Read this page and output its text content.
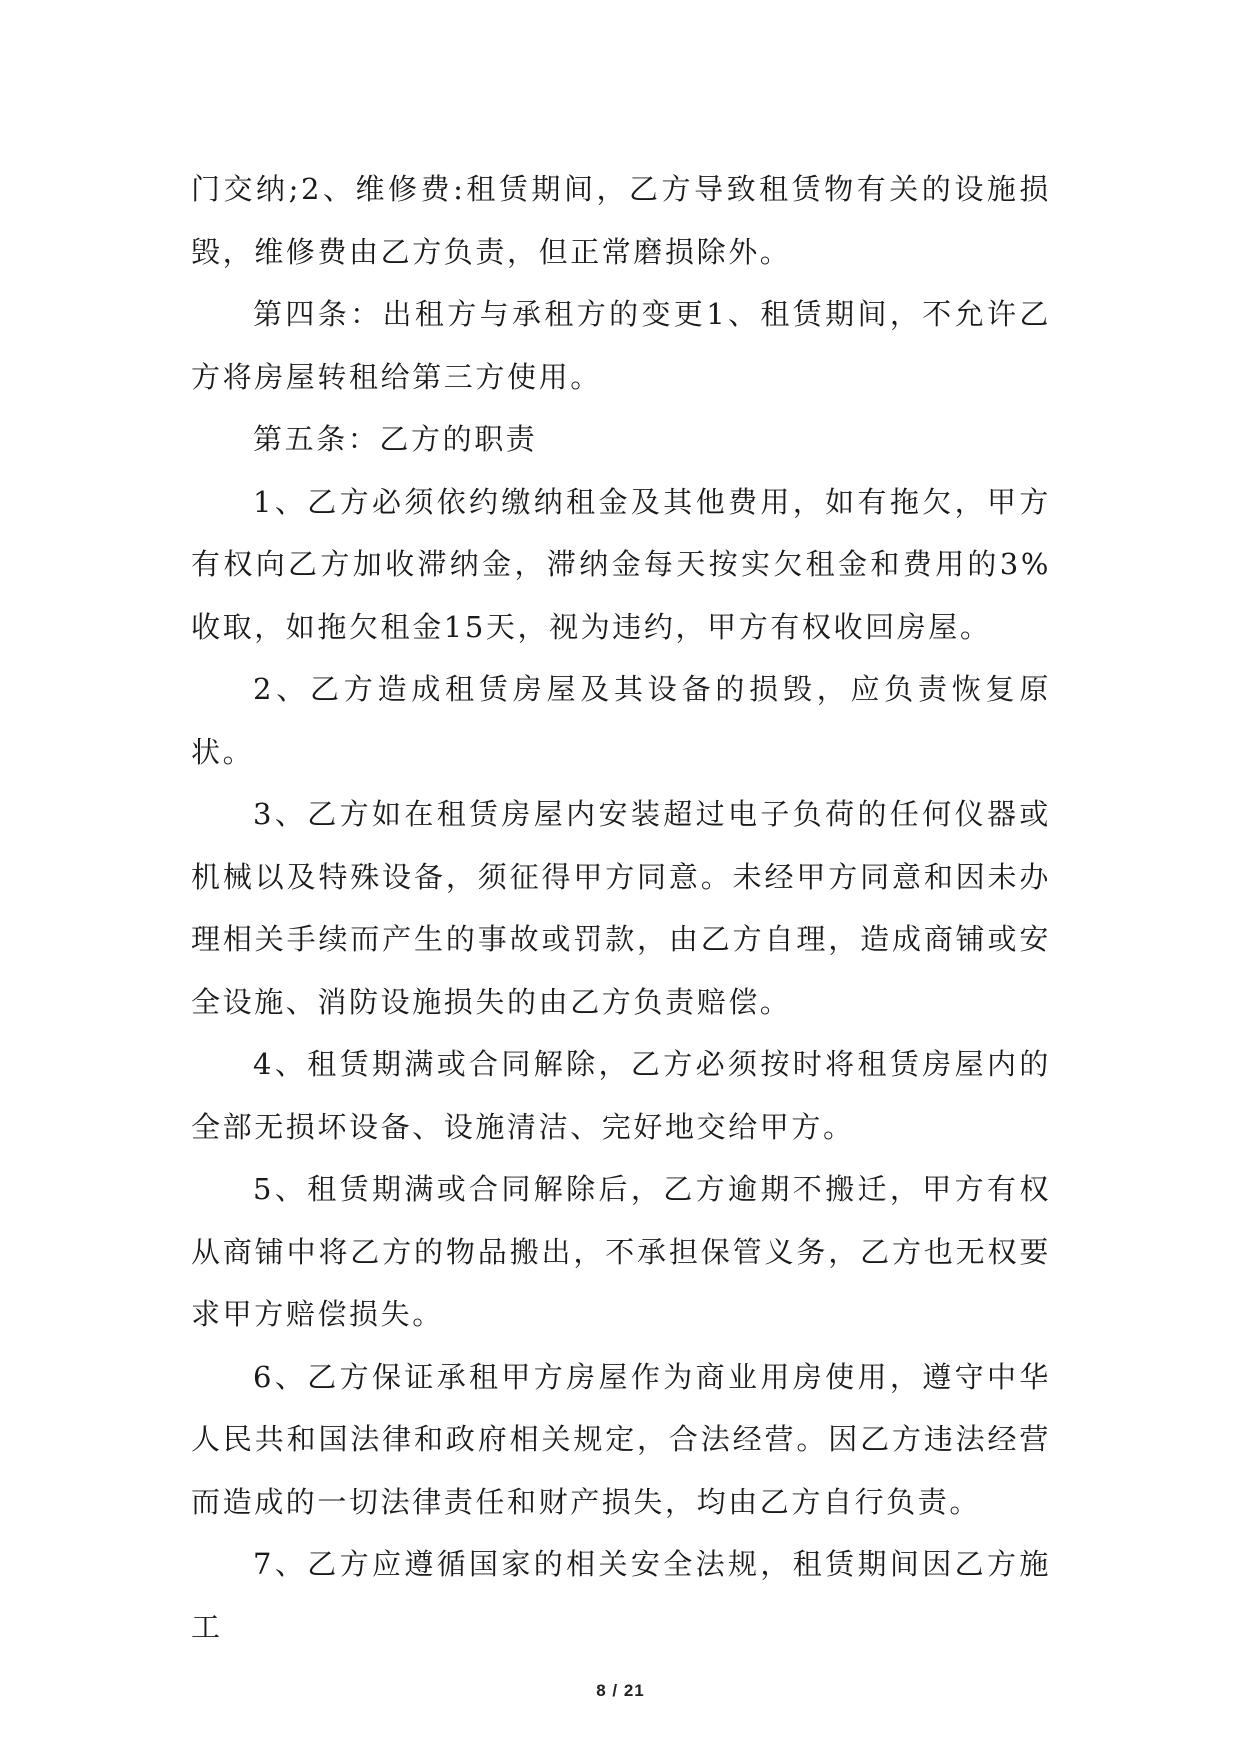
门交纳;2、维修费:租赁期间，乙方导致租赁物有关的设施损毁，维修费由乙方负责，但正常磨损除外。

第四条：出租方与承租方的变更1、租赁期间，不允许乙方将房屋转租给第三方使用。

第五条：乙方的职责

1、乙方必须依约缴纳租金及其他费用，如有拖欠，甲方有权向乙方加收滞纳金，滞纳金每天按实欠租金和费用的3%收取，如拖欠租金15天，视为违约，甲方有权收回房屋。

2、乙方造成租赁房屋及其设备的损毁，应负责恢复原状。

3、乙方如在租赁房屋内安装超过电子负荷的任何仪器或机械以及特殊设备，须征得甲方同意。未经甲方同意和因未办理相关手续而产生的事故或罚款，由乙方自理，造成商铺或安全设施、消防设施损失的由乙方负责赔偿。

4、租赁期满或合同解除，乙方必须按时将租赁房屋内的全部无损坏设备、设施清洁、完好地交给甲方。

5、租赁期满或合同解除后，乙方逾期不搬迁，甲方有权从商铺中将乙方的物品搬出，不承担保管义务，乙方也无权要求甲方赔偿损失。

6、乙方保证承租甲方房屋作为商业用房使用，遵守中华人民共和国法律和政府相关规定，合法经营。因乙方违法经营而造成的一切法律责任和财产损失，均由乙方自行负责。

7、乙方应遵循国家的相关安全法规，租赁期间因乙方施工

8 / 21
